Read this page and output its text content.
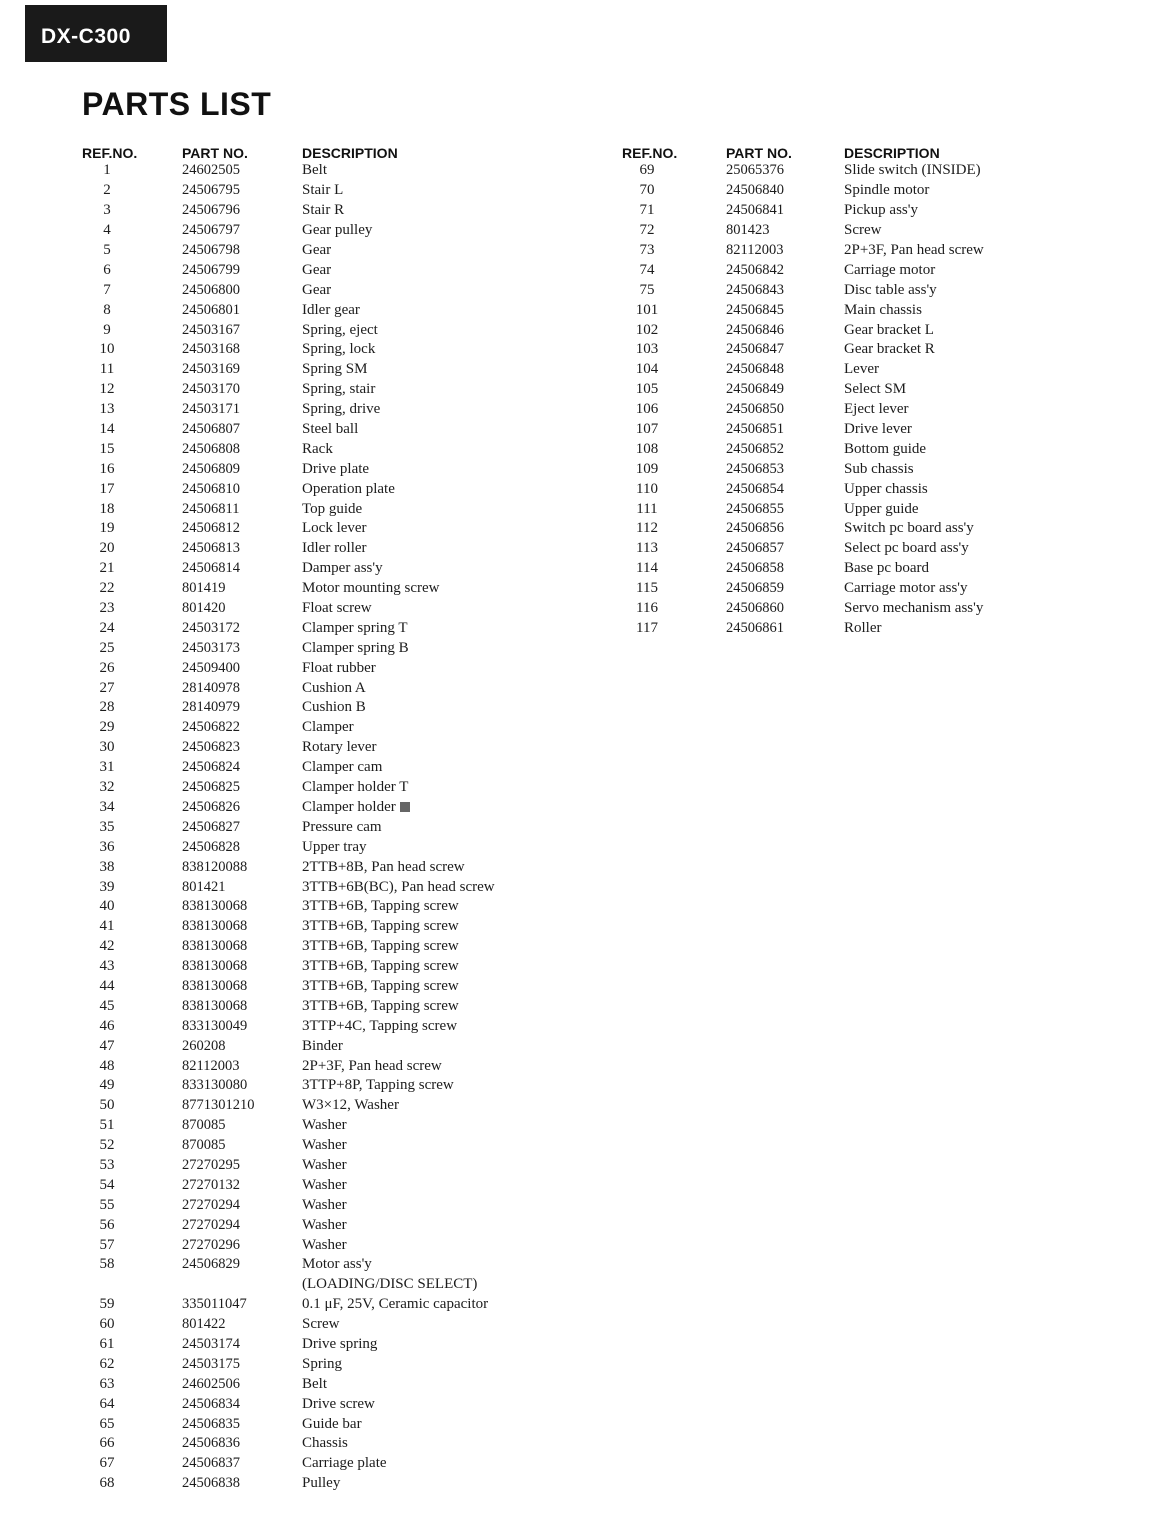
DX-C300
PARTS LIST
REF.NO.	PART NO.	DESCRIPTION
1	24602505	Belt
2	24506795	Stair L
3	24506796	Stair R
4	24506797	Gear pulley
5	24506798	Gear
6	24506799	Gear
7	24506800	Gear
8	24506801	Idler gear
9	24503167	Spring, eject
10	24503168	Spring, lock
11	24503169	Spring SM
12	24503170	Spring, stair
13	24503171	Spring, drive
14	24506807	Steel ball
15	24506808	Rack
16	24506809	Drive plate
17	24506810	Operation plate
18	24506811	Top guide
19	24506812	Lock lever
20	24506813	Idler roller
21	24506814	Damper ass'y
22	801419	Motor mounting screw
23	801420	Float screw
24	24503172	Clamper spring T
25	24503173	Clamper spring B
26	24509400	Float rubber
27	28140978	Cushion A
28	28140979	Cushion B
29	24506822	Clamper
30	24506823	Rotary lever
31	24506824	Clamper cam
32	24506825	Clamper holder T
34	24506826	Clamper holder
35	24506827	Pressure cam
36	24506828	Upper tray
38	838120088	2TTB+8B, Pan head screw
39	801421	3TTB+6B(BC), Pan head screw
40	838130068	3TTB+6B, Tapping screw
41	838130068	3TTB+6B, Tapping screw
42	838130068	3TTB+6B, Tapping screw
43	838130068	3TTB+6B, Tapping screw
44	838130068	3TTB+6B, Tapping screw
45	838130068	3TTB+6B, Tapping screw
46	833130049	3TTP+4C, Tapping screw
47	260208	Binder
48	82112003	2P+3F, Pan head screw
49	833130080	3TTP+8P, Tapping screw
50	8771301210	W3×12, Washer
51	870085	Washer
52	870085	Washer
53	27270295	Washer
54	27270132	Washer
55	27270294	Washer
56	27270294	Washer
57	27270296	Washer
58	24506829	Motor ass'y
(LOADING/DISC SELECT)
59	335011047	0.1 μF, 25V, Ceramic capacitor
60	801422	Screw
61	24503174	Drive spring
62	24503175	Spring
63	24602506	Belt
64	24506834	Drive screw
65	24506835	Guide bar
66	24506836	Chassis
67	24506837	Carriage plate
68	24506838	Pulley
REF.NO.	PART NO.	DESCRIPTION
69	25065376	Slide switch (INSIDE)
70	24506840	Spindle motor
71	24506841	Pickup ass'y
72	801423	Screw
73	82112003	2P+3F, Pan head screw
74	24506842	Carriage motor
75	24506843	Disc table ass'y
101	24506845	Main chassis
102	24506846	Gear bracket L
103	24506847	Gear bracket R
104	24506848	Lever
105	24506849	Select SM
106	24506850	Eject lever
107	24506851	Drive lever
108	24506852	Bottom guide
109	24506853	Sub chassis
110	24506854	Upper chassis
111	24506855	Upper guide
112	24506856	Switch pc board ass'y
113	24506857	Select pc board ass'y
114	24506858	Base pc board
115	24506859	Carriage motor ass'y
116	24506860	Servo mechanism ass'y
117	24506861	Roller
